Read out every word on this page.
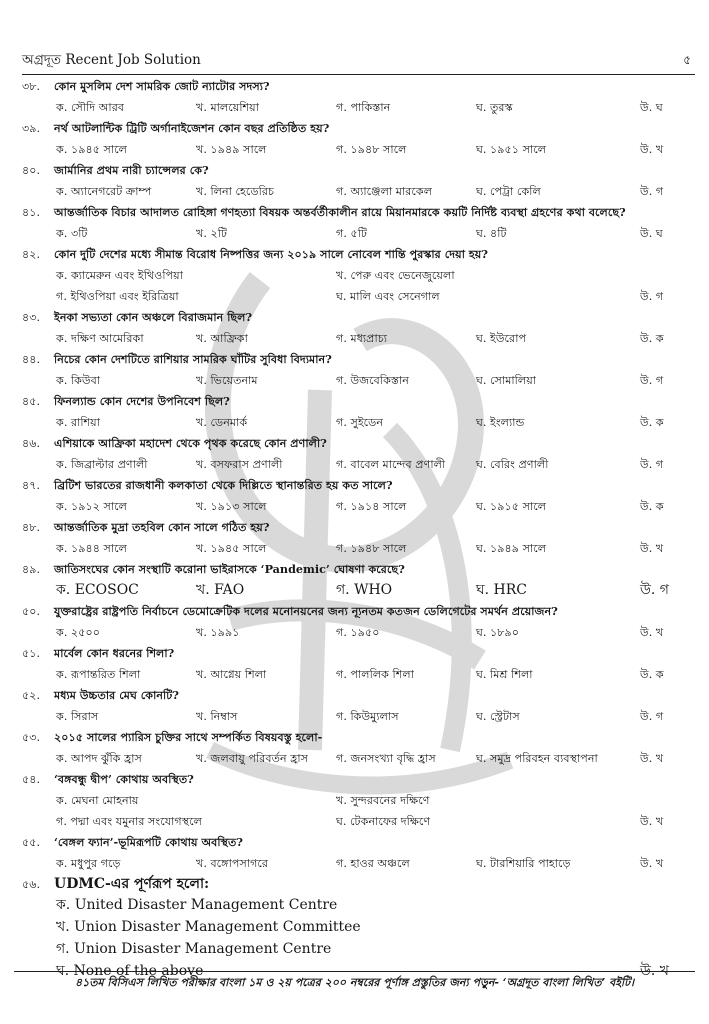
অগ্রদূত Recent Job Solution	৫
৩৮.	কোন মুসলিম দেশ সামরিক জোট ন্যাটোর সদস্য?
ক. সৌদি আরব	খ. মালয়েশিয়া	গ. পাকিস্তান	ঘ. তুরস্ক	উ. ঘ
৩৯.	নর্থ আটলান্টিক ট্রিটি অর্গানাইজেশন কোন বছর প্রতিষ্ঠিত হয়?
ক. ১৯৪৫ সালে	খ. ১৯৪৯ সালে	গ. ১৯৪৮ সালে	ঘ. ১৯৫১ সালে	উ. খ
৪০.	জার্মানির প্রথম নারী চ্যান্সেলর কে?
ক. অ্যানেগরেট ক্রাম্প	খ. লিনা হেডেরিচ	গ. অ্যাঞ্জেলা মারকেল	ঘ. পেট্রা কেলি	উ. গ
৪১.	আন্তর্জাতিক বিচার আদালত রোহিঙ্গা গণহত্যা বিষয়ক অন্তর্বর্তীকালীন রায়ে মিয়ানমারকে কয়টি নির্দিষ্ট ব্যবস্থা গ্রহণের কথা বলেছে?
ক. ৩টি	খ. ২টি	গ. ৫টি	ঘ. ৪টি	উ. ঘ
৪২.	কোন দুটি দেশের মধ্যে সীমান্ত বিরোধ নিষ্পত্তির জন্য ২০১৯ সালে নোবেল শান্তি পুরস্কার দেয়া হয়?
ক. ক্যামেরুন এবং ইথিওপিয়া	খ. পেরু এবং ভেনেজুয়েলা
গ. ইথিওপিয়া এবং ইরিত্রিয়া	ঘ. মালি এবং সেনেগাল	উ. গ
৪৩.	ইনকা সভ্যতা কোন অঞ্চলে বিরাজমান ছিল?
ক. দক্ষিণ আমেরিকা	খ. আফ্রিকা	গ. মধ্যপ্রাচ্য	ঘ. ইউরোপ	উ. ক
৪৪.	নিচের কোন দেশটিতে রাশিয়ার সামরিক ঘাঁটির সুবিধা বিদ্যমান?
ক. কিউবা	খ. ভিয়েতনাম	গ. উজবেকিস্তান	ঘ. সোমালিয়া	উ. গ
৪৫.	ফিনল্যান্ড কোন দেশের উপনিবেশ ছিল?
ক. রাশিয়া	খ. ডেনমার্ক	গ. সুইডেন	ঘ. ইংল্যান্ড	উ. ক
৪৬.	এশিয়াকে আফ্রিকা মহাদেশ থেকে পৃথক করেছে কোন প্রণালী?
ক. জিব্রাল্টার প্রণালী	খ. বসফরাস প্রণালী	গ. বাবেল মান্দেব প্রণালী	ঘ. বেরিং প্রণালী	উ. গ
৪৭.	ব্রিটিশ ভারতের রাজধানী কলকাতা থেকে দিল্লিতে স্থানান্তরিত হয় কত সালে?
ক. ১৯১২ সালে	খ. ১৯১৩ সালে	গ. ১৯১৪ সালে	ঘ. ১৯১৫ সালে	উ. ক
৪৮.	আন্তর্জাতিক মুদ্রা তহবিল কোন সালে গঠিত হয়?
ক. ১৯৪৪ সালে	খ. ১৯৪৫ সালে	গ. ১৯৪৮ সালে	ঘ. ১৯৪৯ সালে	উ. খ
৪৯.	জাতিসংঘের কোন সংস্থাটি করোনা ভাইরাসকে ‘Pandemic’ ঘোষণা করেছে?
ক. ECOSOC	খ. FAO	গ. WHO	ঘ. HRC	উ. গ
৫০.	যুক্তরাষ্ট্রের রাষ্ট্রপতি নির্বাচনে ডেমোক্রেটিক দলের মনোনয়নের জন্য ন্যূনতম কতজন ডেলিগেটের সমর্থন প্রয়োজন?
ক. ২৫০০	খ. ১৯৯১	গ. ১৯৫০	ঘ. ১৮৯০	উ. খ
৫১.	মার্বেল কোন ধরনের শিলা?
ক. রূপান্তরিত শিলা	খ. আগ্নেয় শিলা	গ. পাললিক শিলা	ঘ. মিশ্র শিলা	উ. ক
৫২.	মধ্যম উচ্চতার মেঘ কোনটি?
ক. সিরাস	খ. নিম্বাস	গ. কিউম্যুলাস	ঘ. স্ট্রেটাস	উ. গ
৫৩.	২০১৫ সালের প্যারিস চুক্তির সাথে সম্পর্কিত বিষয়বস্তু হলো-
ক. আপদ ঝুঁকি হ্রাস	খ. জলবায়ু পরিবর্তন হ্রাস গ. জনসংখ্যা বৃদ্ধি হ্রাস	ঘ. সমুদ্র পরিবহন ব্যবস্থাপনা	উ. খ
৫৪.	‘বঙ্গবন্ধু দ্বীপ’ কোথায় অবস্থিত?
ক. মেঘনা মোহনায়	খ. সুন্দরবনের দক্ষিণে
গ. পদ্মা এবং যমুনার সংযোগস্থলে	ঘ. টেকনাফের দক্ষিণে	উ. খ
৫৫.	‘বেঙ্গল ফ্যান’-ভূমিরূপটি কোথায় অবস্থিত?
ক. মধুপুর গড়ে	খ. বঙ্গোপসাগরে	গ. হাওর অঞ্চলে	ঘ. টারশিয়ারি পাহাড়ে	উ. খ
৫৬. UDMC-এর পূর্ণরূপ হলো:
ক. United Disaster Management Centre
খ. Union Disaster Management Committee
গ. Union Disaster Management Centre
ঘ. None of the above	উ. খ
৪১তম বিসিএস লিখিত পরীক্ষার বাংলা ১ম ও ২য় পত্রের ২০০ নম্বরের পূর্ণাঙ্গ প্রস্তুতির জন্য পড়ুন- ‘অগ্রদূত বাংলা লিখিত’ বইটি।
